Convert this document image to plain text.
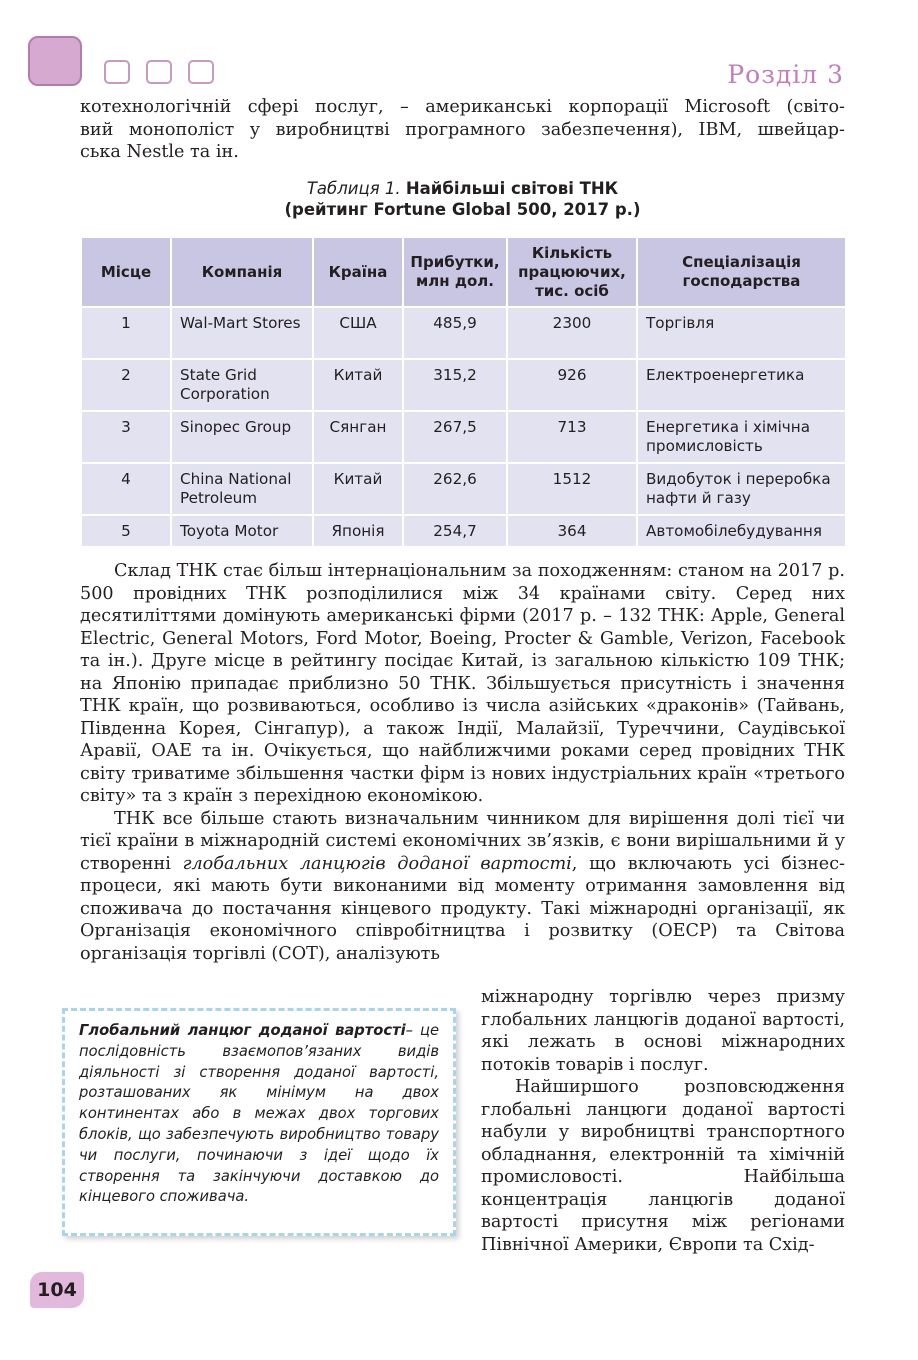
Розділ 3
котехнологічній сфері послуг, – американські корпорації Microsoft (світо-
вий монополіст у виробництві програмного забезпечення), IBM, швейцар-
ська Nestle та ін.
Таблиця 1. Найбільші світові ТНК
(рейтинг Fortune Global 500, 2017 р.)
Місце	Компанія	Країна	Прибутки, млн дол.	Кількість працюючих, тис. осіб	Спеціалізація господарства
1	Wal-Mart Stores	США	485,9	2300	Торгівля
2	State Grid Corporation	Китай	315,2	926	Електроенергетика
3	Sinopec Group	Сянган	267,5	713	Енергетика і хімічна промисловість
4	China National Petroleum	Китай	262,6	1512	Видобуток і переробка нафти й газу
5	Toyota Motor	Японія	254,7	364	Автомобілебудування

Склад ТНК стає більш інтернаціональним за походженням: станом на 2017 р. 500 провідних ТНК розподілилися між 34 країнами світу. Серед них десятиліттями домінують американські фірми (2017 р. – 132 ТНК: Apple, General Electric, General Motors, Ford Motor, Boeing, Procter & Gamble, Verizon, Facebook та ін.). Друге місце в рейтингу посідає Китай, із загальною кількістю 109 ТНК; на Японію припадає приблизно 50 ТНК. Збільшується присутність і значення ТНК країн, що розвиваються, особливо із числа азійських «драконів» (Тайвань, Південна Корея, Сінгапур), а також Індії, Малайзії, Туреччини, Саудівської Аравії, ОАЕ та ін. Очікується, що найближчими роками серед провідних ТНК світу триватиме збільшення частки фірм із нових індустріальних країн «третього світу» та з країн з перехідною економікою.

ТНК все більше стають визначальним чинником для вирішення долі тієї чи тієї країни в міжнародній системі економічних зв’язків, є вони вирішальними й у створенні глобальних ланцюгів доданої вартості, що включають усі бізнес-процеси, які мають бути виконаними від моменту отримання замовлення від споживача до постачання кінцевого продукту. Такі міжнародні організації, як Організація економічного співробітництва і розвитку (ОЕСР) та Світова організація торгівлі (СОТ), аналізують

міжнародну торгівлю через призму глобальних ланцюгів доданої вартості, які лежать в основі міжнародних потоків товарів і послуг.

Найширшого розповсюдження глобальні ланцюги доданої вартості набули у виробництві транспортного обладнання, електронній та хімічній промисловості. Найбільша концентрація ланцюгів доданої вартості присутня між регіонами Північної Америки, Європи та Схід-

Глобальний ланцюг доданої вартості– це послідовність взаємопов’язаних видів діяльності зі створення доданої вартості, розташованих як мінімум на двох континентах або в межах двох торгових блоків, що забезпечують виробництво товару чи послуги, починаючи з ідеї щодо їх створення та закінчуючи доставкою до кінцевого споживача.
104
